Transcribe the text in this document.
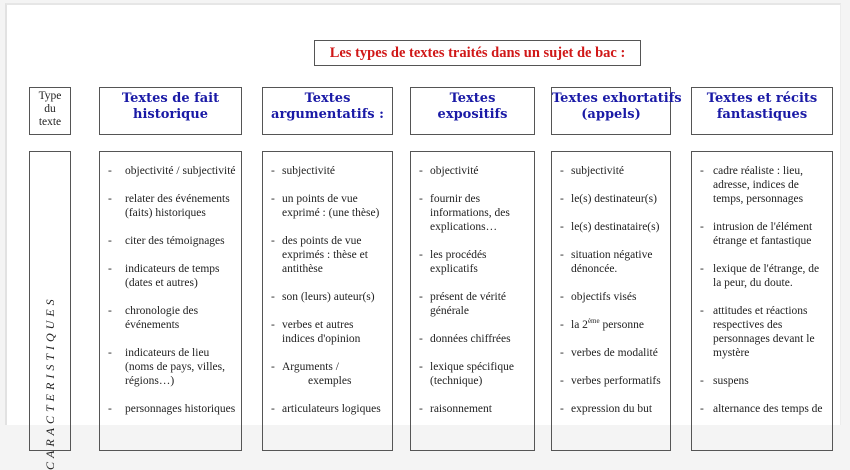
Les types de textes traités dans un sujet de bac :
Type
du
texte
Textes de fait
historique
Textes
argumentatifs :
Textes
expositifs
Textes exhortatifs
(appels)
Textes et récits
fantastiques
CARACTERISTIQUES
- objectivité / subjectivité
- relater des événements (faits) historiques
- citer des témoignages
- indicateurs de temps (dates et autres)
- chronologie des événements
- indicateurs de lieu (noms de pays, villes, régions…)
- personnages historiques
- subjectivité
- un points de vue exprimé : (une thèse)
- des points de vue exprimés : thèse et antithèse
- son (leurs) auteur(s)
- verbes et autres indices d'opinion
- Arguments /
exemples
- articulateurs logiques
- objectivité
- fournir des informations, des explications…
- les procédés explicatifs
- présent de vérité générale
- données chiffrées
- lexique spécifique (technique)
- raisonnement
- subjectivité
- le(s) destinateur(s)
- le(s) destinataire(s)
- situation négative dénoncée.
- objectifs visés
- la 2ème personne
- verbes de modalité
- verbes performatifs
- expression du but
- cadre réaliste : lieu, adresse, indices de temps, personnages
- intrusion de l'élément étrange et fantastique
- lexique de l'étrange, de la peur, du doute.
- attitudes et réactions respectives des personnages devant le mystère
- suspens
- alternance des temps de
